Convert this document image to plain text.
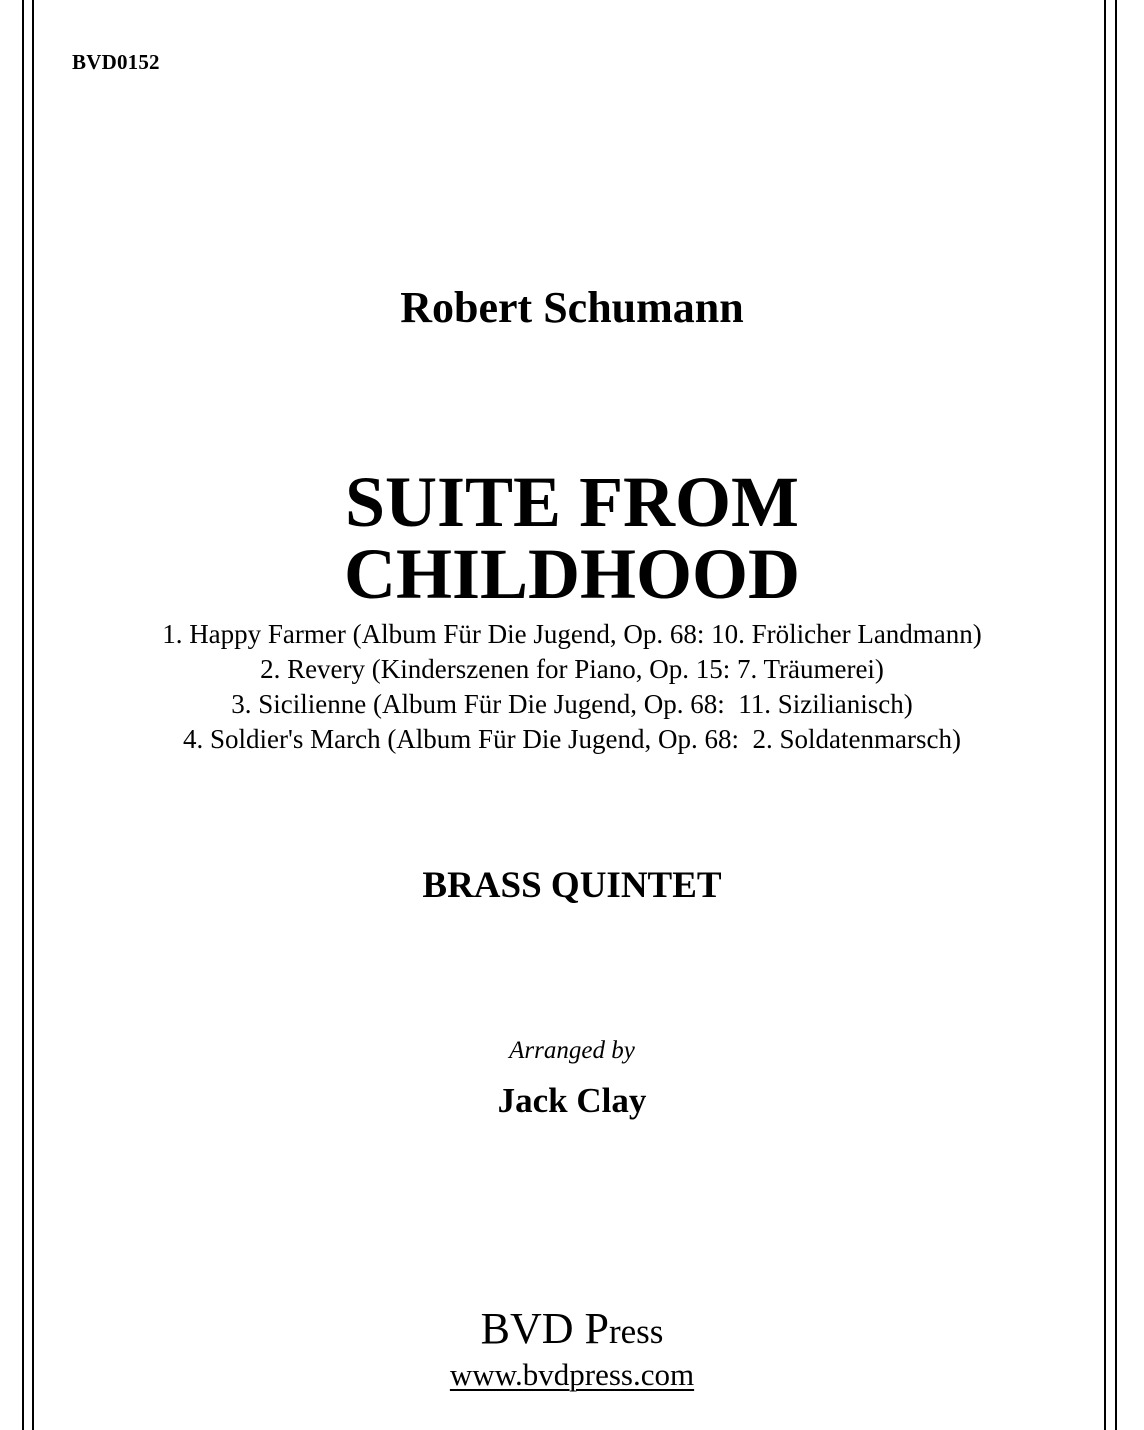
BVD0152
Robert Schumann
SUITE FROM
CHILDHOOD
1. Happy Farmer (Album Für Die Jugend, Op. 68: 10. Frölicher Landmann)
2. Revery (Kinderszenen for Piano, Op. 15: 7. Träumerei)
3. Sicilienne (Album Für Die Jugend, Op. 68:  11. Sizilianisch)
4. Soldier's March (Album Für Die Jugend, Op. 68:  2. Soldatenmarsch)
BRASS QUINTET
Arranged by
Jack Clay
BVD Press
www.bvdpress.com
